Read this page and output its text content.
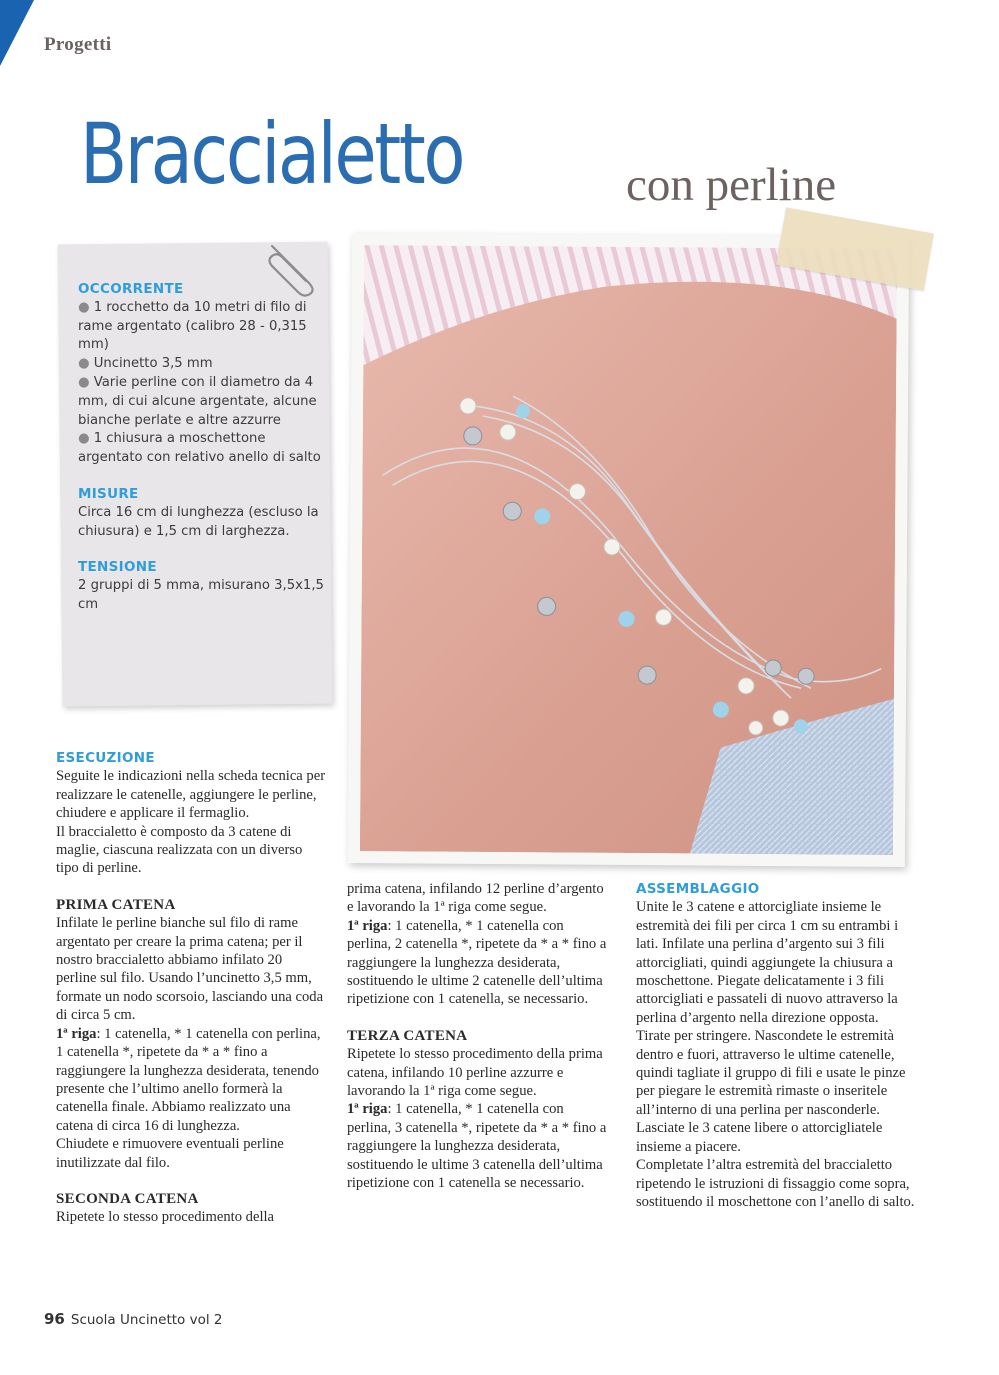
Progetti
Braccialetto	con perline
OCCORRENTE
● 1 rocchetto da 10 metri di filo di rame argentato (calibro 28 - 0,315 mm)
● Uncinetto 3,5 mm
● Varie perline con il diametro da 4 mm, di cui alcune argentate, alcune bianche perlate e altre azzurre
● 1 chiusura a moschettone argentato con relativo anello di salto
MISURE
Circa 16 cm di lunghezza (escluso la chiusura) e 1,5 cm di larghezza.
TENSIONE
2 gruppi di 5 mma, misurano 3,5x1,5 cm

ESECUZIONE

Seguite le indicazioni nella scheda tecnica per realizzare le catenelle, aggiungere le perline, chiudere e applicare il fermaglio.

Il braccialetto è composto da 3 catene di maglie, ciascuna realizzata con un diverso tipo di perline.

PRIMA CATENA

Infilate le perline bianche sul filo di rame argentato per creare la prima catena; per il nostro braccialetto abbiamo infilato 20 perline sul filo. Usando l’uncinetto 3,5 mm, formate un nodo scorsoio, lasciando una coda di circa 5 cm.

1ª riga: 1 catenella, * 1 catenella con perlina, 1 catenella *, ripetete da * a * fino a raggiungere la lunghezza desiderata, tenendo presente che l’ultimo anello formerà la catenella finale. Abbiamo realizzato una catena di circa 16 di lunghezza.

Chiudete e rimuovere eventuali perline inutilizzate dal filo.

SECONDA CATENA

Ripetete lo stesso procedimento della

prima catena, infilando 12 perline d’argento e lavorando la 1ª riga come segue.

1ª riga: 1 catenella, * 1 catenella con perlina, 2 catenella *, ripetete da * a * fino a raggiungere la lunghezza desiderata, sostituendo le ultime 2 catenelle dell’ultima ripetizione con 1 catenella, se necessario.

TERZA CATENA

Ripetete lo stesso procedimento della prima catena, infilando 10 perline azzurre e lavorando la 1ª riga come segue.

1ª riga: 1 catenella, * 1 catenella con perlina, 3 catenella *, ripetete da * a * fino a raggiungere la lunghezza desiderata, sostituendo le ultime 3 catenella dell’ultima ripetizione con 1 catenella se necessario.

ASSEMBLAGGIO

Unite le 3 catene e attorcigliate insieme le estremità dei fili per circa 1 cm su entrambi i lati. Infilate una perlina d’argento sui 3 fili attorcigliati, quindi aggiungete la chiusura a moschettone. Piegate delicatamente i 3 fili attorcigliati e passateli di nuovo attraverso la perlina d’argento nella direzione opposta. Tirate per stringere. Nascondete le estremità dentro e fuori, attraverso le ultime catenelle, quindi tagliate il gruppo di fili e usate le pinze per piegare le estremità rimaste o inseritele all’interno di una perlina per nasconderle.

Lasciate le 3 catene libere o attorcigliatele insieme a piacere.

Completate l’altra estremità del braccialetto ripetendo le istruzioni di fissaggio come sopra, sostituendo il moschettone con l’anello di salto.

96 Scuola Uncinetto vol 2
